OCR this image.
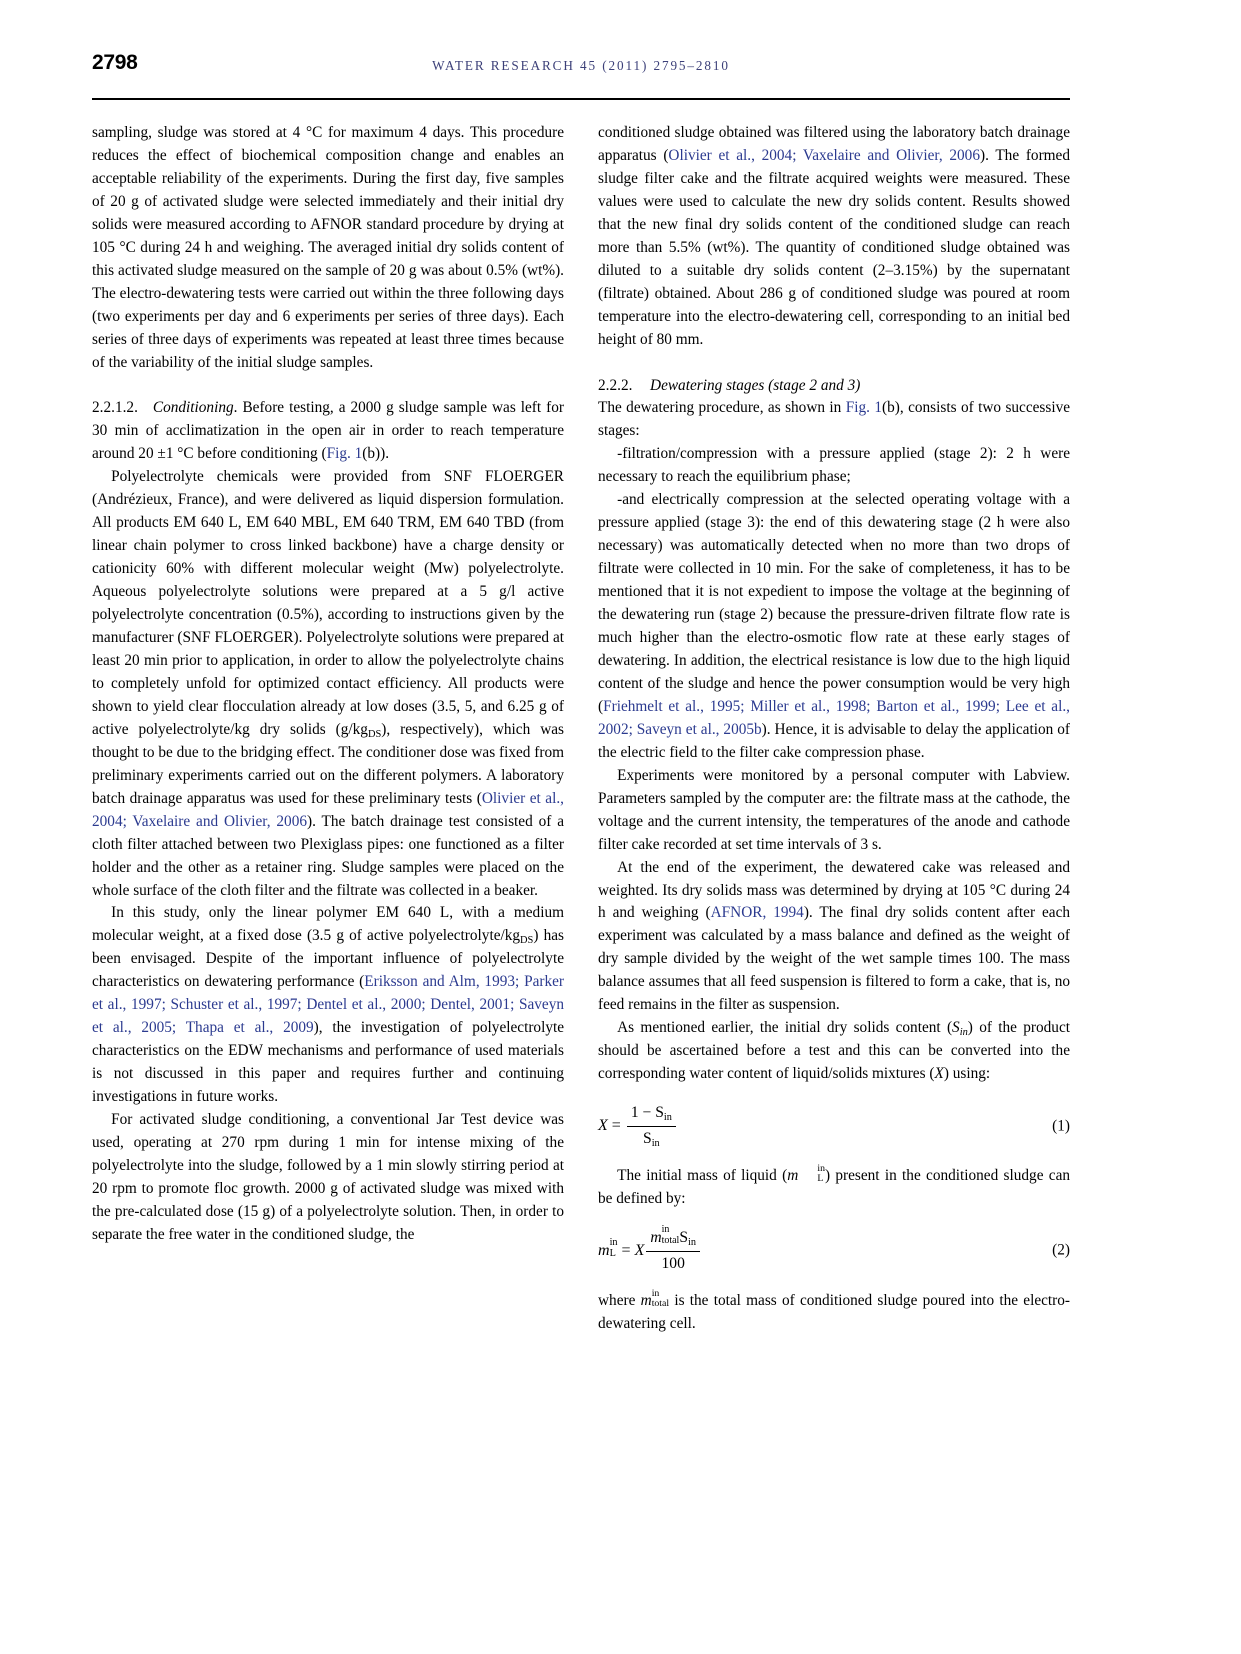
2798	WATER RESEARCH 45 (2011) 2795–2810

sampling, sludge was stored at 4 °C for maximum 4 days. This procedure reduces the effect of biochemical composition change and enables an acceptable reliability of the experiments. During the first day, five samples of 20 g of activated sludge were selected immediately and their initial dry solids were measured according to AFNOR standard procedure by drying at 105 °C during 24 h and weighing. The averaged initial dry solids content of this activated sludge measured on the sample of 20 g was about 0.5% (wt%). The electro-dewatering tests were carried out within the three following days (two experiments per day and 6 experiments per series of three days). Each series of three days of experiments was repeated at least three times because of the variability of the initial sludge samples.

2.2.1.2. Conditioning. Before testing, a 2000 g sludge sample was left for 30 min of acclimatization in the open air in order to reach temperature around 20 ±1 °C before conditioning (Fig. 1(b)).

Polyelectrolyte chemicals were provided from SNF FLOERGER (Andrézieux, France), and were delivered as liquid dispersion formulation. All products EM 640 L, EM 640 MBL, EM 640 TRM, EM 640 TBD (from linear chain polymer to cross linked backbone) have a charge density or cationicity 60% with different molecular weight (Mw) polyelectrolyte. Aqueous polyelectrolyte solutions were prepared at a 5 g/l active polyelectrolyte concentration (0.5%), according to instructions given by the manufacturer (SNF FLOERGER). Polyelectrolyte solutions were prepared at least 20 min prior to application, in order to allow the polyelectrolyte chains to completely unfold for optimized contact efficiency. All products were shown to yield clear flocculation already at low doses (3.5, 5, and 6.25 g of active polyelectrolyte/kg dry solids $(g/kg_{DS})$, respectively), which was thought to be due to the bridging effect. The conditioner dose was fixed from preliminary experiments carried out on the different polymers. A laboratory batch drainage apparatus was used for these preliminary tests (Olivier et al., 2004; Vaxelaire and Olivier, 2006). The batch drainage test consisted of a cloth filter attached between two Plexiglass pipes: one functioned as a filter holder and the other as a retainer ring. Sludge samples were placed on the whole surface of the cloth filter and the filtrate was collected in a beaker.

In this study, only the linear polymer EM 640 L, with a medium molecular weight, at a fixed dose (3.5 g of active polyelectrolyte/$kg_{DS}$) has been envisaged. Despite of the important influence of polyelectrolyte characteristics on dewatering performance (Eriksson and Alm, 1993; Parker et al., 1997; Schuster et al., 1997; Dentel et al., 2000; Dentel, 2001; Saveyn et al., 2005; Thapa et al., 2009), the investigation of polyelectrolyte characteristics on the EDW mechanisms and performance of used materials is not discussed in this paper and requires further and continuing investigations in future works.

For activated sludge conditioning, a conventional Jar Test device was used, operating at 270 rpm during 1 min for intense mixing of the polyelectrolyte into the sludge, followed by a 1 min slowly stirring period at 20 rpm to promote floc growth. 2000 g of activated sludge was mixed with the pre-calculated dose (15 g) of a polyelectrolyte solution. Then, in order to separate the free water in the conditioned sludge, the

conditioned sludge obtained was filtered using the laboratory batch drainage apparatus (Olivier et al., 2004; Vaxelaire and Olivier, 2006). The formed sludge filter cake and the filtrate acquired weights were measured. These values were used to calculate the new dry solids content. Results showed that the new final dry solids content of the conditioned sludge can reach more than 5.5% (wt%). The quantity of conditioned sludge obtained was diluted to a suitable dry solids content (2–3.15%) by the supernatant (filtrate) obtained. About 286 g of conditioned sludge was poured at room temperature into the electro-dewatering cell, corresponding to an initial bed height of 80 mm.

2.2.2. Dewatering stages (stage 2 and 3)

The dewatering procedure, as shown in Fig. 1(b), consists of two successive stages:

-filtration/compression with a pressure applied (stage 2): 2 h were necessary to reach the equilibrium phase;

-and electrically compression at the selected operating voltage with a pressure applied (stage 3): the end of this dewatering stage (2 h were also necessary) was automatically detected when no more than two drops of filtrate were collected in 10 min. For the sake of completeness, it has to be mentioned that it is not expedient to impose the voltage at the beginning of the dewatering run (stage 2) because the pressure-driven filtrate flow rate is much higher than the electro-osmotic flow rate at these early stages of dewatering. In addition, the electrical resistance is low due to the high liquid content of the sludge and hence the power consumption would be very high (Friehmelt et al., 1995; Miller et al., 1998; Barton et al., 1999; Lee et al., 2002; Saveyn et al., 2005b). Hence, it is advisable to delay the application of the electric field to the filter cake compression phase.

Experiments were monitored by a personal computer with Labview. Parameters sampled by the computer are: the filtrate mass at the cathode, the voltage and the current intensity, the temperatures of the anode and cathode filter cake recorded at set time intervals of 3 s.

At the end of the experiment, the dewatered cake was released and weighted. Its dry solids mass was determined by drying at 105 °C during 24 h and weighing (AFNOR, 1994). The final dry solids content after each experiment was calculated by a mass balance and defined as the weight of dry sample divided by the weight of the wet sample times 100. The mass balance assumes that all feed suspension is filtered to form a cake, that is, no feed remains in the filter as suspension.

As mentioned earlier, the initial dry solids content $(S_{in})$ of the product should be ascertained before a test and this can be converted into the corresponding water content of liquid/solids mixtures (X) using:

$X = \frac{1 - S_{in}}{S_{in}}$	(1)

The initial mass of liquid (m	in
L ) present in the conditioned sludge can be defined by:

m in
L = X m in
total $S_{in}$
100	(2)

where m in
total is the total mass of conditioned sludge poured into the electro-dewatering cell.
